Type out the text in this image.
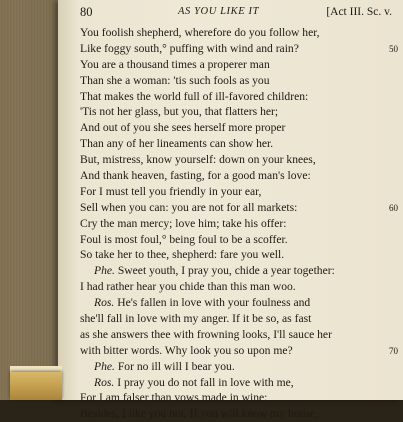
80	AS YOU LIKE IT	[Act III. Sc. v.
You foolish shepherd, wherefore do you follow her,
Like foggy south,° puffing with wind and rain?	50
You are a thousand times a properer man
Than she a woman: 'tis such fools as you
That makes the world full of ill-favored children:
'Tis not her glass, but you, that flatters her;
And out of you she sees herself more proper
Than any of her lineaments can show her.
But, mistress, know yourself: down on your knees,
And thank heaven, fasting, for a good man's love:
For I must tell you friendly in your ear,
Sell when you can: you are not for all markets:	60
Cry the man mercy; love him; take his offer:
Foul is most foul,° being foul to be a scoffer.
So take her to thee, shepherd: fare you well.
Phe. Sweet youth, I pray you, chide a year together:
I had rather hear you chide than this man woo.
Ros. He's fallen in love with your foulness and
she'll fall in love with my anger. If it be so, as fast
as she answers thee with frowning looks, I'll sauce her
with bitter words. Why look you so upon me?	70
Phe. For no ill will I bear you.
Ros. I pray you do not fall in love with me,
For I am falser than vows made in wine:
Besides, I like you not. If you will know my house,
